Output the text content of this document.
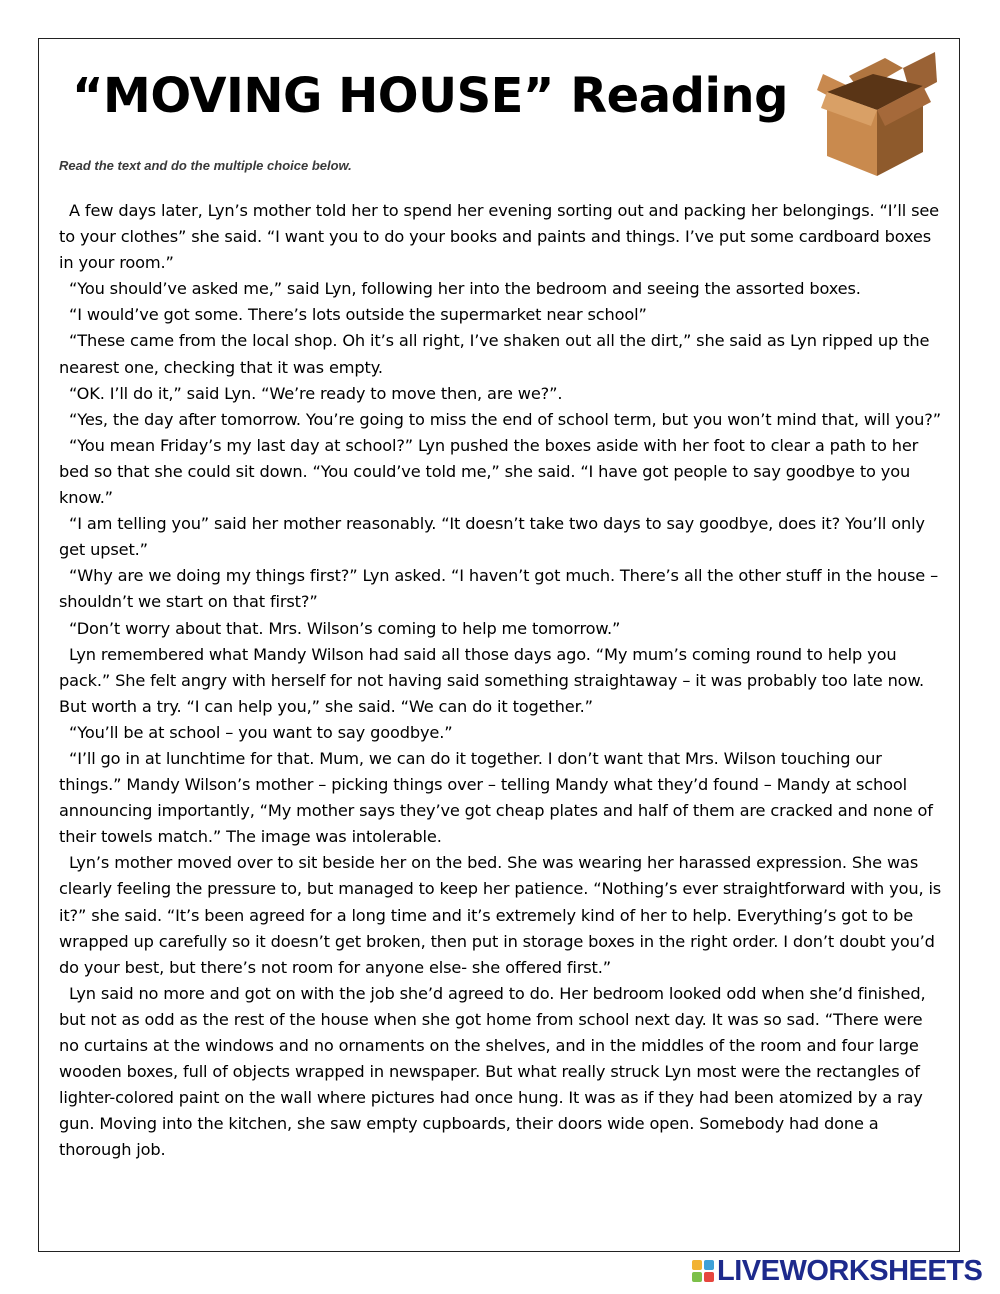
“MOVING HOUSE” Reading

Read the text and do the multiple choice below.

A few days later, Lyn’s mother told her to spend her evening sorting out and packing her belongings. “I’ll see to your clothes” she said. “I want you to do your books and paints and things. I’ve put some cardboard boxes in your room.”

“You should’ve asked me,” said Lyn, following her into the bedroom and seeing the assorted boxes.

“I would’ve got some. There’s lots outside the supermarket near school”

“These came from the local shop. Oh it’s all right, I’ve shaken out all the dirt,” she said as Lyn ripped up the nearest one, checking that it was empty.

“OK. I’ll do it,” said Lyn. “We’re ready to move then, are we?”.

“Yes, the day after tomorrow. You’re going to miss the end of school term, but you won’t mind that, will you?”

“You mean Friday’s my last day at school?” Lyn pushed the boxes aside with her foot to clear a path to her bed so that she could sit down. “You could’ve told me,” she said. “I have got people to say goodbye to you know.”

“I am telling you” said her mother reasonably. “It doesn’t take two days to say goodbye, does it? You’ll only get upset.”

“Why are we doing my things first?” Lyn asked. “I haven’t got much. There’s all the other stuff in the house – shouldn’t we start on that first?”

“Don’t worry about that. Mrs. Wilson’s coming to help me tomorrow.”

Lyn remembered what Mandy Wilson had said all those days ago. “My mum’s coming round to help you pack.” She felt angry with herself for not having said something straightaway – it was probably too late now. But worth a try. “I can help you,” she said. “We can do it together.”

“You’ll be at school – you want to say goodbye.”

“I’ll go in at lunchtime for that. Mum, we can do it together. I don’t want that Mrs. Wilson touching our things.” Mandy Wilson’s mother – picking things over – telling Mandy what they’d found – Mandy at school announcing importantly, “My mother says they’ve got cheap plates and half of them are cracked and none of their towels match.” The image was intolerable.

Lyn’s mother moved over to sit beside her on the bed. She was wearing her harassed expression. She was clearly feeling the pressure to, but managed to keep her patience. “Nothing’s ever straightforward with you, is it?” she said. “It’s been agreed for a long time and it’s extremely kind of her to help. Everything’s got to be wrapped up carefully so it doesn’t get broken, then put in storage boxes in the right order. I don’t doubt you’d do your best, but there’s not room for anyone else- she offered first.”

Lyn said no more and got on with the job she’d agreed to do. Her bedroom looked odd when she’d finished, but not as odd as the rest of the house when she got home from school next day. It was so sad. “There were no curtains at the windows and no ornaments on the shelves, and in the middles of the room and four large wooden boxes, full of objects wrapped in newspaper. But what really struck Lyn most were the rectangles of lighter-colored paint on the wall where pictures had once hung. It was as if they had been atomized by a ray gun. Moving into the kitchen, she saw empty cupboards, their doors wide open. Somebody had done a thorough job.

LIVEWORKSHEETS
